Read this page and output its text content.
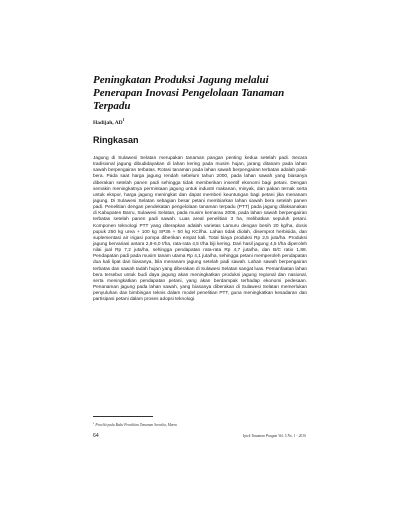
Peningkatan Produksi Jagung melalui Penerapan Inovasi Pengelolaan Tanaman Terpadu
Hadijah, $AD^1$
Ringkasan
Jagung di Sulawesi Selatan merupakan tanaman pangan penting kedua setelah padi. Secara tradisional jagung dibudidayakan di lahan kering pada musim hujan, jarang ditanam pada lahan sawah berpengairan terbatas. Rotasi tanaman pada lahan sawah berpengairan terbatas adalah padi-bera. Pada saat harga jagung rendah sebelum tahun 2000, pada lahan sawah yang biasanya diberakan setelah panen padi sehingga tidak memberikan insentif ekonomi bagi petani. Dengan semakin meningkatnya permintaan jagung untuk industri makanan, minyak, dan pakan ternak serta untuk ekspor, harga jagung meningkat dan dapat memberi keuntungan bagi petani jika menanam jagung. Di Sulawesi Selatan sebagian besar petani membiarkan lahan sawah bera setelah panen padi. Penelitian dengan pendekatan pengelolaan tanaman terpadu (PTT) pada jagung dilaksanakan di Kabupaten Barru, Sulawesi Selatan, pada musim kemarau 2006, pada lahan sawah berpengairan terbatas setelah panen padi sawah. Luas areal penelitian 3 ha, melibatkan sepuluh petani. Komponen teknologi PTT yang diterapkan adalah varietas Lamuru dengan benih 20 kg/ha, dosis pupuk 250 kg urea + 100 kg SP36 + 50 kg KCl/ha. Lahan tidak diolah, disemprot herbisida, dan suplementasi air irigasi pompa diberikan empat kali. Total biaya produksi Rp 2,5 juta/ha. Produksi jagung bervariasi antara 2,8-6,0 t/ha, rata-rata 4,5 t/ha biji kering. Dari hasil jagung 4,5 t/ha diperoleh nilai jual Rp 7,2 juta/ha, sehingga pendapatan rata-rata Rp 4,7 juta/ha, dan B/C ratio 1,88. Pendapatan padi pada musim tanam utama Rp 4,1 juta/ha, sehingga petani memperoleh pendapatan dua kali lipat dari biasanya, bila menanam jagung setelah padi sawah. Lahan sawah berpengairan terbatas dan sawah tadah hujan yang diberakan di Sulawesi Selatan sangat luas. Pemanfaatan lahan bera tersebut untuk budi daya jagung akan meningkatkan produksi jagung regional dan nasional, serta meningkatkan pendapatan petani, yang akan berdampak terhadap ekonomi pedesaan. Penanaman jagung pada lahan sawah, yang biasanya diberakan di Sulawesi Selatan memerlukan penyuluhan dan bimbingan teknis dalam model penelitian PTT, guna meningkatkan kesadaran dan partisipasi petani dalam proses adopsi teknologi.
$^1$ Peneliti pada Balai Penelitian Tanaman Serealia, Maros
64	Iptek Tanaman Pangan Vol. 5 No. 1 - 2010
